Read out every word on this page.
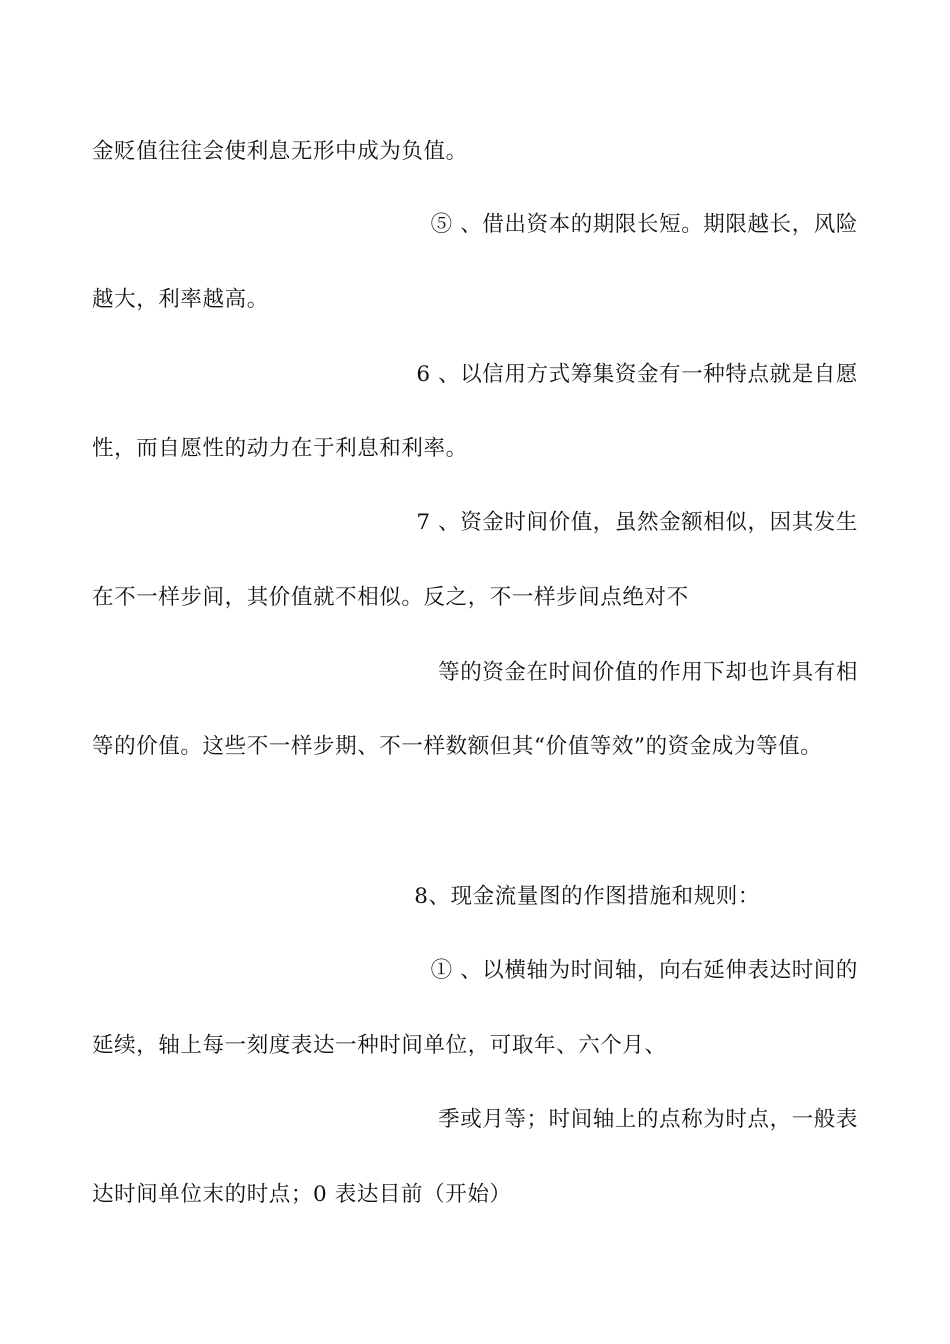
金贬值往往会使利息无形中成为负值。
⑤ 、借出资本的期限长短。期限越长，风险
越大，利率越高。
6 、以信用方式筹集资金有一种特点就是自愿
性，而自愿性的动力在于利息和利率。
7 、资金时间价值，虽然金额相似，因其发生
在不一样步间，其价值就不相似。反之，不一样步间点绝对不
等的资金在时间价值的作用下却也许具有相
等的价值。这些不一样步期、不一样数额但其“价值等效”的资金成为等值。
8、现金流量图的作图措施和规则：
① 、以横轴为时间轴，向右延伸表达时间的
延续，轴上每一刻度表达一种时间单位，可取年、六个月、
季或月等；时间轴上的点称为时点，一般表
达时间单位末的时点；0 表达目前（开始）
